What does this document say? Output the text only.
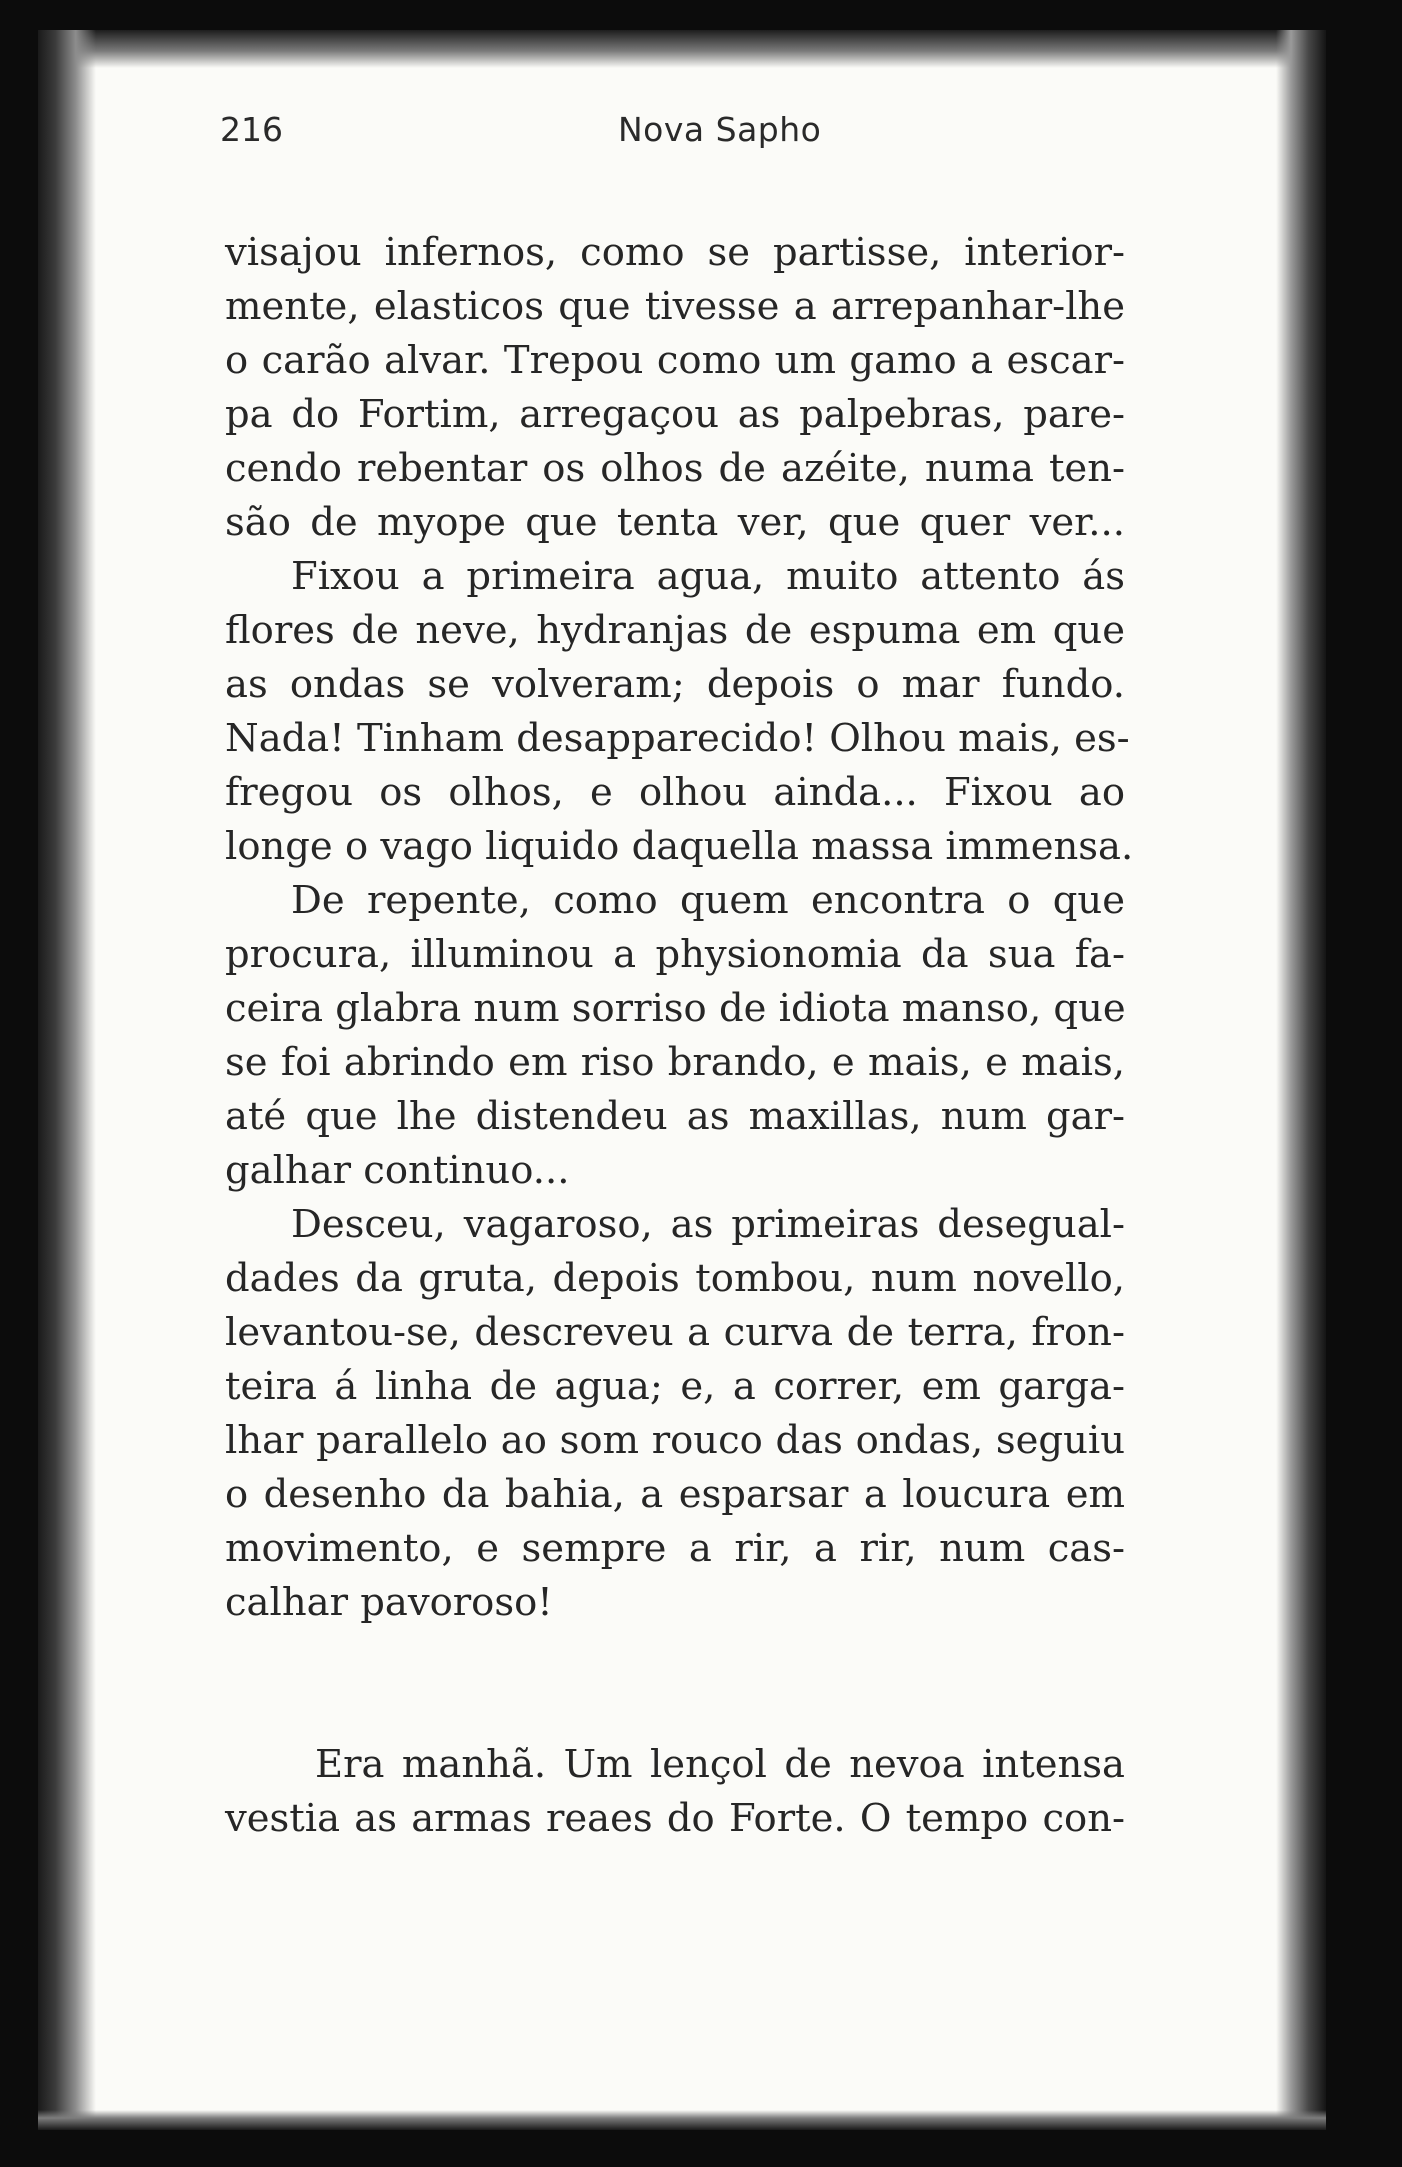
216	Nova Sapho
visajou infernos, como se partisse, interior-
mente, elasticos que tivesse a arrepanhar-lhe
o carão alvar. Trepou como um gamo a escar-
pa do Fortim, arregaçou as palpebras, pare-
cendo rebentar os olhos de azéite, numa ten-
são de myope que tenta ver, que quer ver...
Fixou a primeira agua, muito attento ás
flores de neve, hydranjas de espuma em que
as ondas se volveram; depois o mar fundo.
Nada! Tinham desapparecido! Olhou mais, es-
fregou os olhos, e olhou ainda... Fixou ao
longe o vago liquido daquella massa immensa.
De repente, como quem encontra o que
procura, illuminou a physionomia da sua fa-
ceira glabra num sorriso de idiota manso, que
se foi abrindo em riso brando, e mais, e mais,
até que lhe distendeu as maxillas, num gar-
galhar continuo...
Desceu, vagaroso, as primeiras desegual-
dades da gruta, depois tombou, num novello,
levantou-se, descreveu a curva de terra, fron-
teira á linha de agua; e, a correr, em garga-
lhar parallelo ao som rouco das ondas, seguiu
o desenho da bahia, a esparsar a loucura em
movimento, e sempre a rir, a rir, num cas-
calhar pavoroso!
Era manhã. Um lençol de nevoa intensa
vestia as armas reaes do Forte. O tempo con-
